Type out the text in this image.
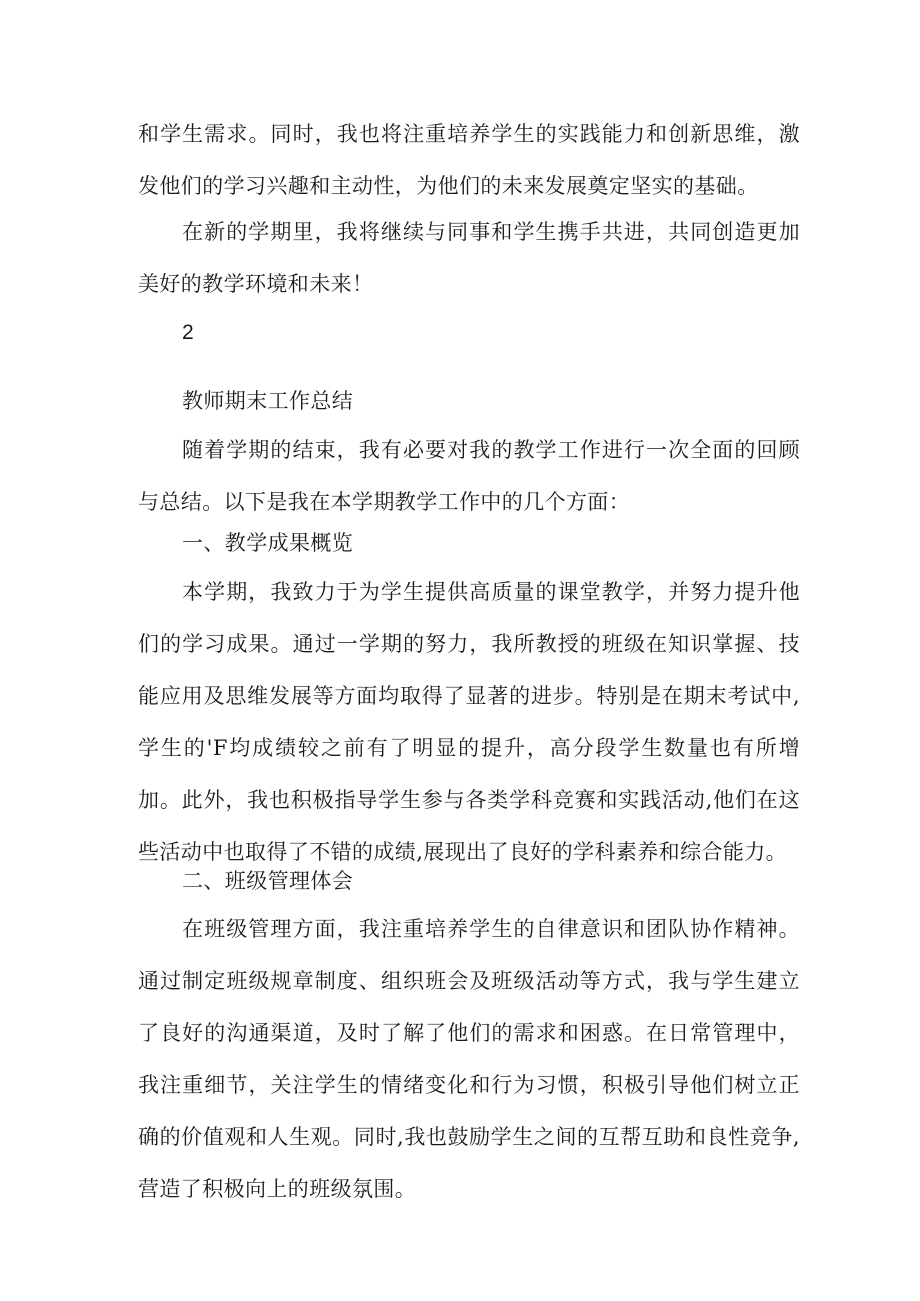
和学生需求。同时，我也将注重培养学生的实践能力和创新思维，激发他们的学习兴趣和主动性，为他们的未来发展奠定坚实的基础。
在新的学期里，我将继续与同事和学生携手共进，共同创造更加美好的教学环境和未来！
2
教师期末工作总结
随着学期的结束，我有必要对我的教学工作进行一次全面的回顾与总结。以下是我在本学期教学工作中的几个方面：
一、教学成果概览
本学期，我致力于为学生提供高质量的课堂教学，并努力提升他们的学习成果。通过一学期的努力，我所教授的班级在知识掌握、技能应用及思维发展等方面均取得了显著的进步。特别是在期末考试中,学生的'F均成绩较之前有了明显的提升，高分段学生数量也有所增加。此外，我也积极指导学生参与各类学科竞赛和实践活动,他们在这些活动中也取得了不错的成绩,展现出了良好的学科素养和综合能力。
二、班级管理体会
在班级管理方面，我注重培养学生的自律意识和团队协作精神。通过制定班级规章制度、组织班会及班级活动等方式，我与学生建立了良好的沟通渠道，及时了解了他们的需求和困惑。在日常管理中，我注重细节，关注学生的情绪变化和行为习惯，积极引导他们树立正确的价值观和人生观。同时,我也鼓励学生之间的互帮互助和良性竞争,营造了积极向上的班级氛围。
